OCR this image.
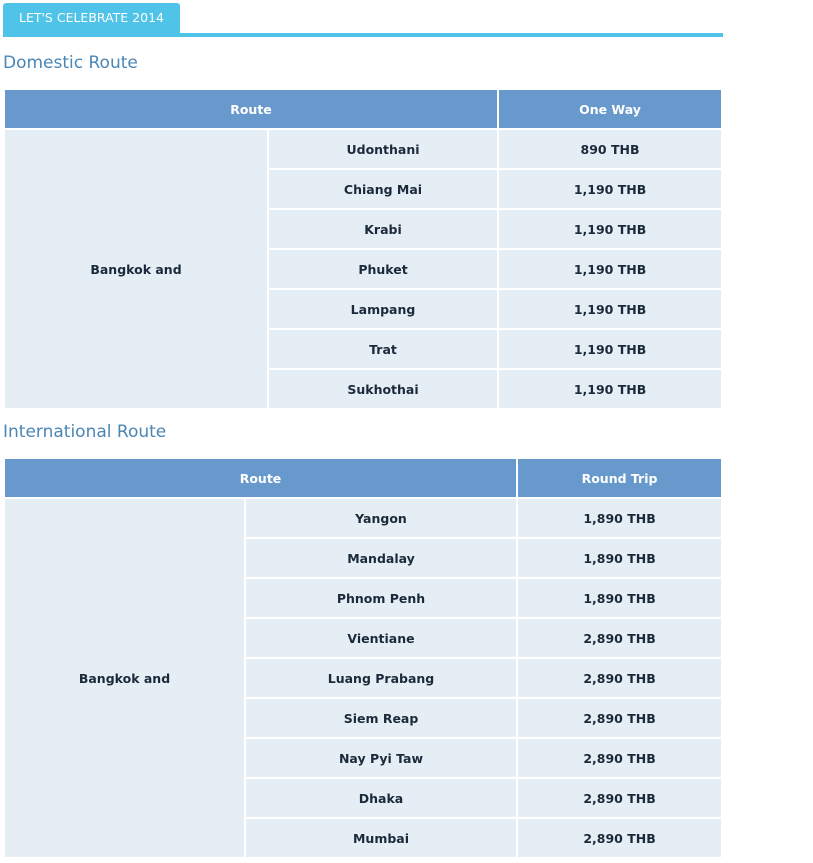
LET'S CELEBRATE 2014
Domestic Route
Route		One Way
Bangkok and	Udonthani	890 THB
	Chiang Mai	1,190 THB
	Krabi	1,190 THB
	Phuket	1,190 THB
	Lampang	1,190 THB
	Trat	1,190 THB
	Sukhothai	1,190 THB
International Route
Route		Round Trip
Bangkok and	Yangon	1,890 THB
	Mandalay	1,890 THB
	Phnom Penh	1,890 THB
	Vientiane	2,890 THB
	Luang Prabang	2,890 THB
	Siem Reap	2,890 THB
	Nay Pyi Taw	2,890 THB
	Dhaka	2,890 THB
	Mumbai	2,890 THB
